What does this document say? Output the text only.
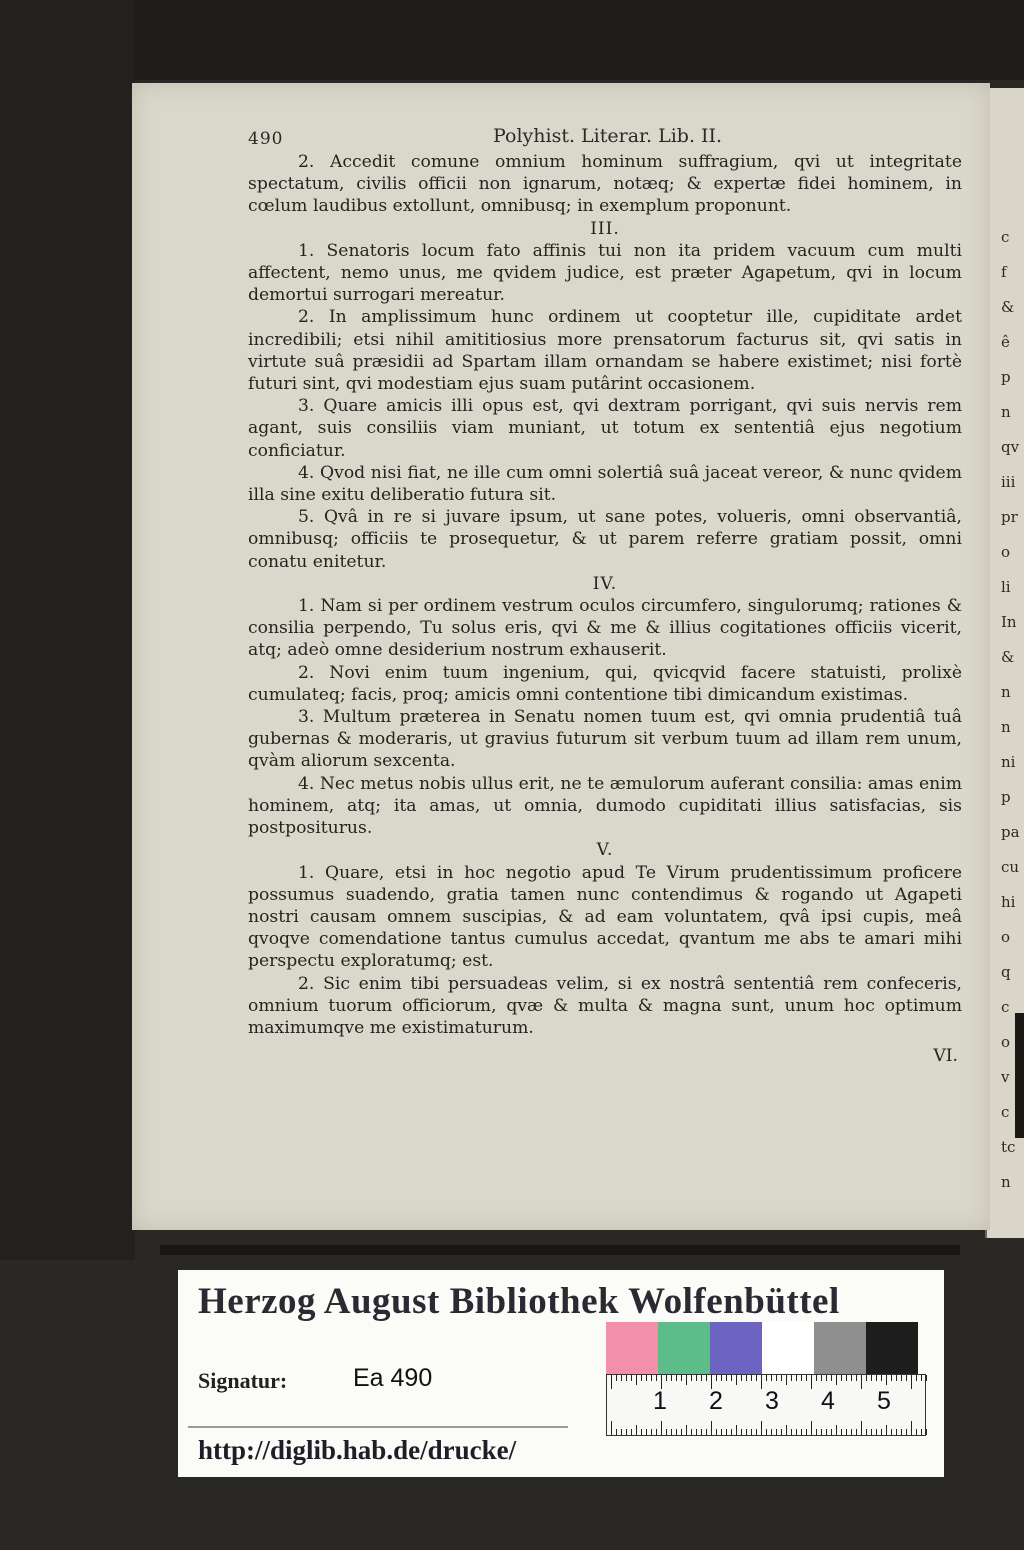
c
f
&
ê
p
n
qv
iii
pr
o
li
In
&
n
n
ni
p
pa
cu
hi
o
q
c
o
v
c
tc
n
490	Polyhist. Literar. Lib. II.

2. Accedit comune omnium hominum suffragium, qvi ut integritate spectatum, civilis officii non ignarum, notæq; & expertæ fidei hominem, in cœlum laudibus extollunt, omnibusq; in exemplum proponunt.

III.

1. Senatoris locum fato affinis tui non ita pridem vacuum cum multi affectent, nemo unus, me qvidem judice, est præter Agapetum, qvi in locum demortui surrogari mereatur.

2. In amplissimum hunc ordinem ut cooptetur ille, cupiditate ardet incredibili; etsi nihil amititiosius more prensatorum facturus sit, qvi satis in virtute suâ præsidii ad Spartam illam ornandam se habere existimet; nisi fortè futuri sint, qvi modestiam ejus suam putârint occasionem.

3. Quare amicis illi opus est, qvi dextram porrigant, qvi suis nervis rem agant, suis consiliis viam muniant, ut totum ex sententiâ ejus negotium conficiatur.

4. Qvod nisi fiat, ne ille cum omni solertiâ suâ jaceat vereor, & nunc qvidem illa sine exitu deliberatio futura sit.

5. Qvâ in re si juvare ipsum, ut sane potes, volueris, omni observantiâ, omnibusq; officiis te prosequetur, & ut parem referre gratiam possit, omni conatu enitetur.

IV.

1. Nam si per ordinem vestrum oculos circumfero, singulorumq; rationes & consilia perpendo, Tu solus eris, qvi & me & illius cogitationes officiis vicerit, atq; adeò omne desiderium nostrum exhauserit.

2. Novi enim tuum ingenium, qui, qvicqvid facere statuisti, prolixè cumulateq; facis, proq; amicis omni contentione tibi dimicandum existimas.

3. Multum præterea in Senatu nomen tuum est, qvi omnia prudentiâ tuâ gubernas & moderaris, ut gravius futurum sit verbum tuum ad illam rem unum, qvàm aliorum sexcenta.

4. Nec metus nobis ullus erit, ne te æmulorum auferant consilia: amas enim hominem, atq; ita amas, ut omnia, dumodo cupiditati illius satisfacias, sis postpositurus.

V.

1. Quare, etsi in hoc negotio apud Te Virum prudentissimum proficere possumus suadendo, gratia tamen nunc contendimus & rogando ut Agapeti nostri causam omnem suscipias, & ad eam voluntatem, qvâ ipsi cupis, meâ qvoqve comendatione tantus cumulus accedat, qvantum me abs te amari mihi perspectu exploratumq; est.

2. Sic enim tibi persuadeas velim, si ex nostrâ sententiâ rem confeceris, omnium tuorum officiorum, qvæ & multa & magna sunt, unum hoc optimum maximumqve me existimaturum.

VI.

Herzog August Bibliothek Wolfenbüttel
Signatur:	Ea 490
http://diglib.hab.de/drucke/
1 2 3 4 5
